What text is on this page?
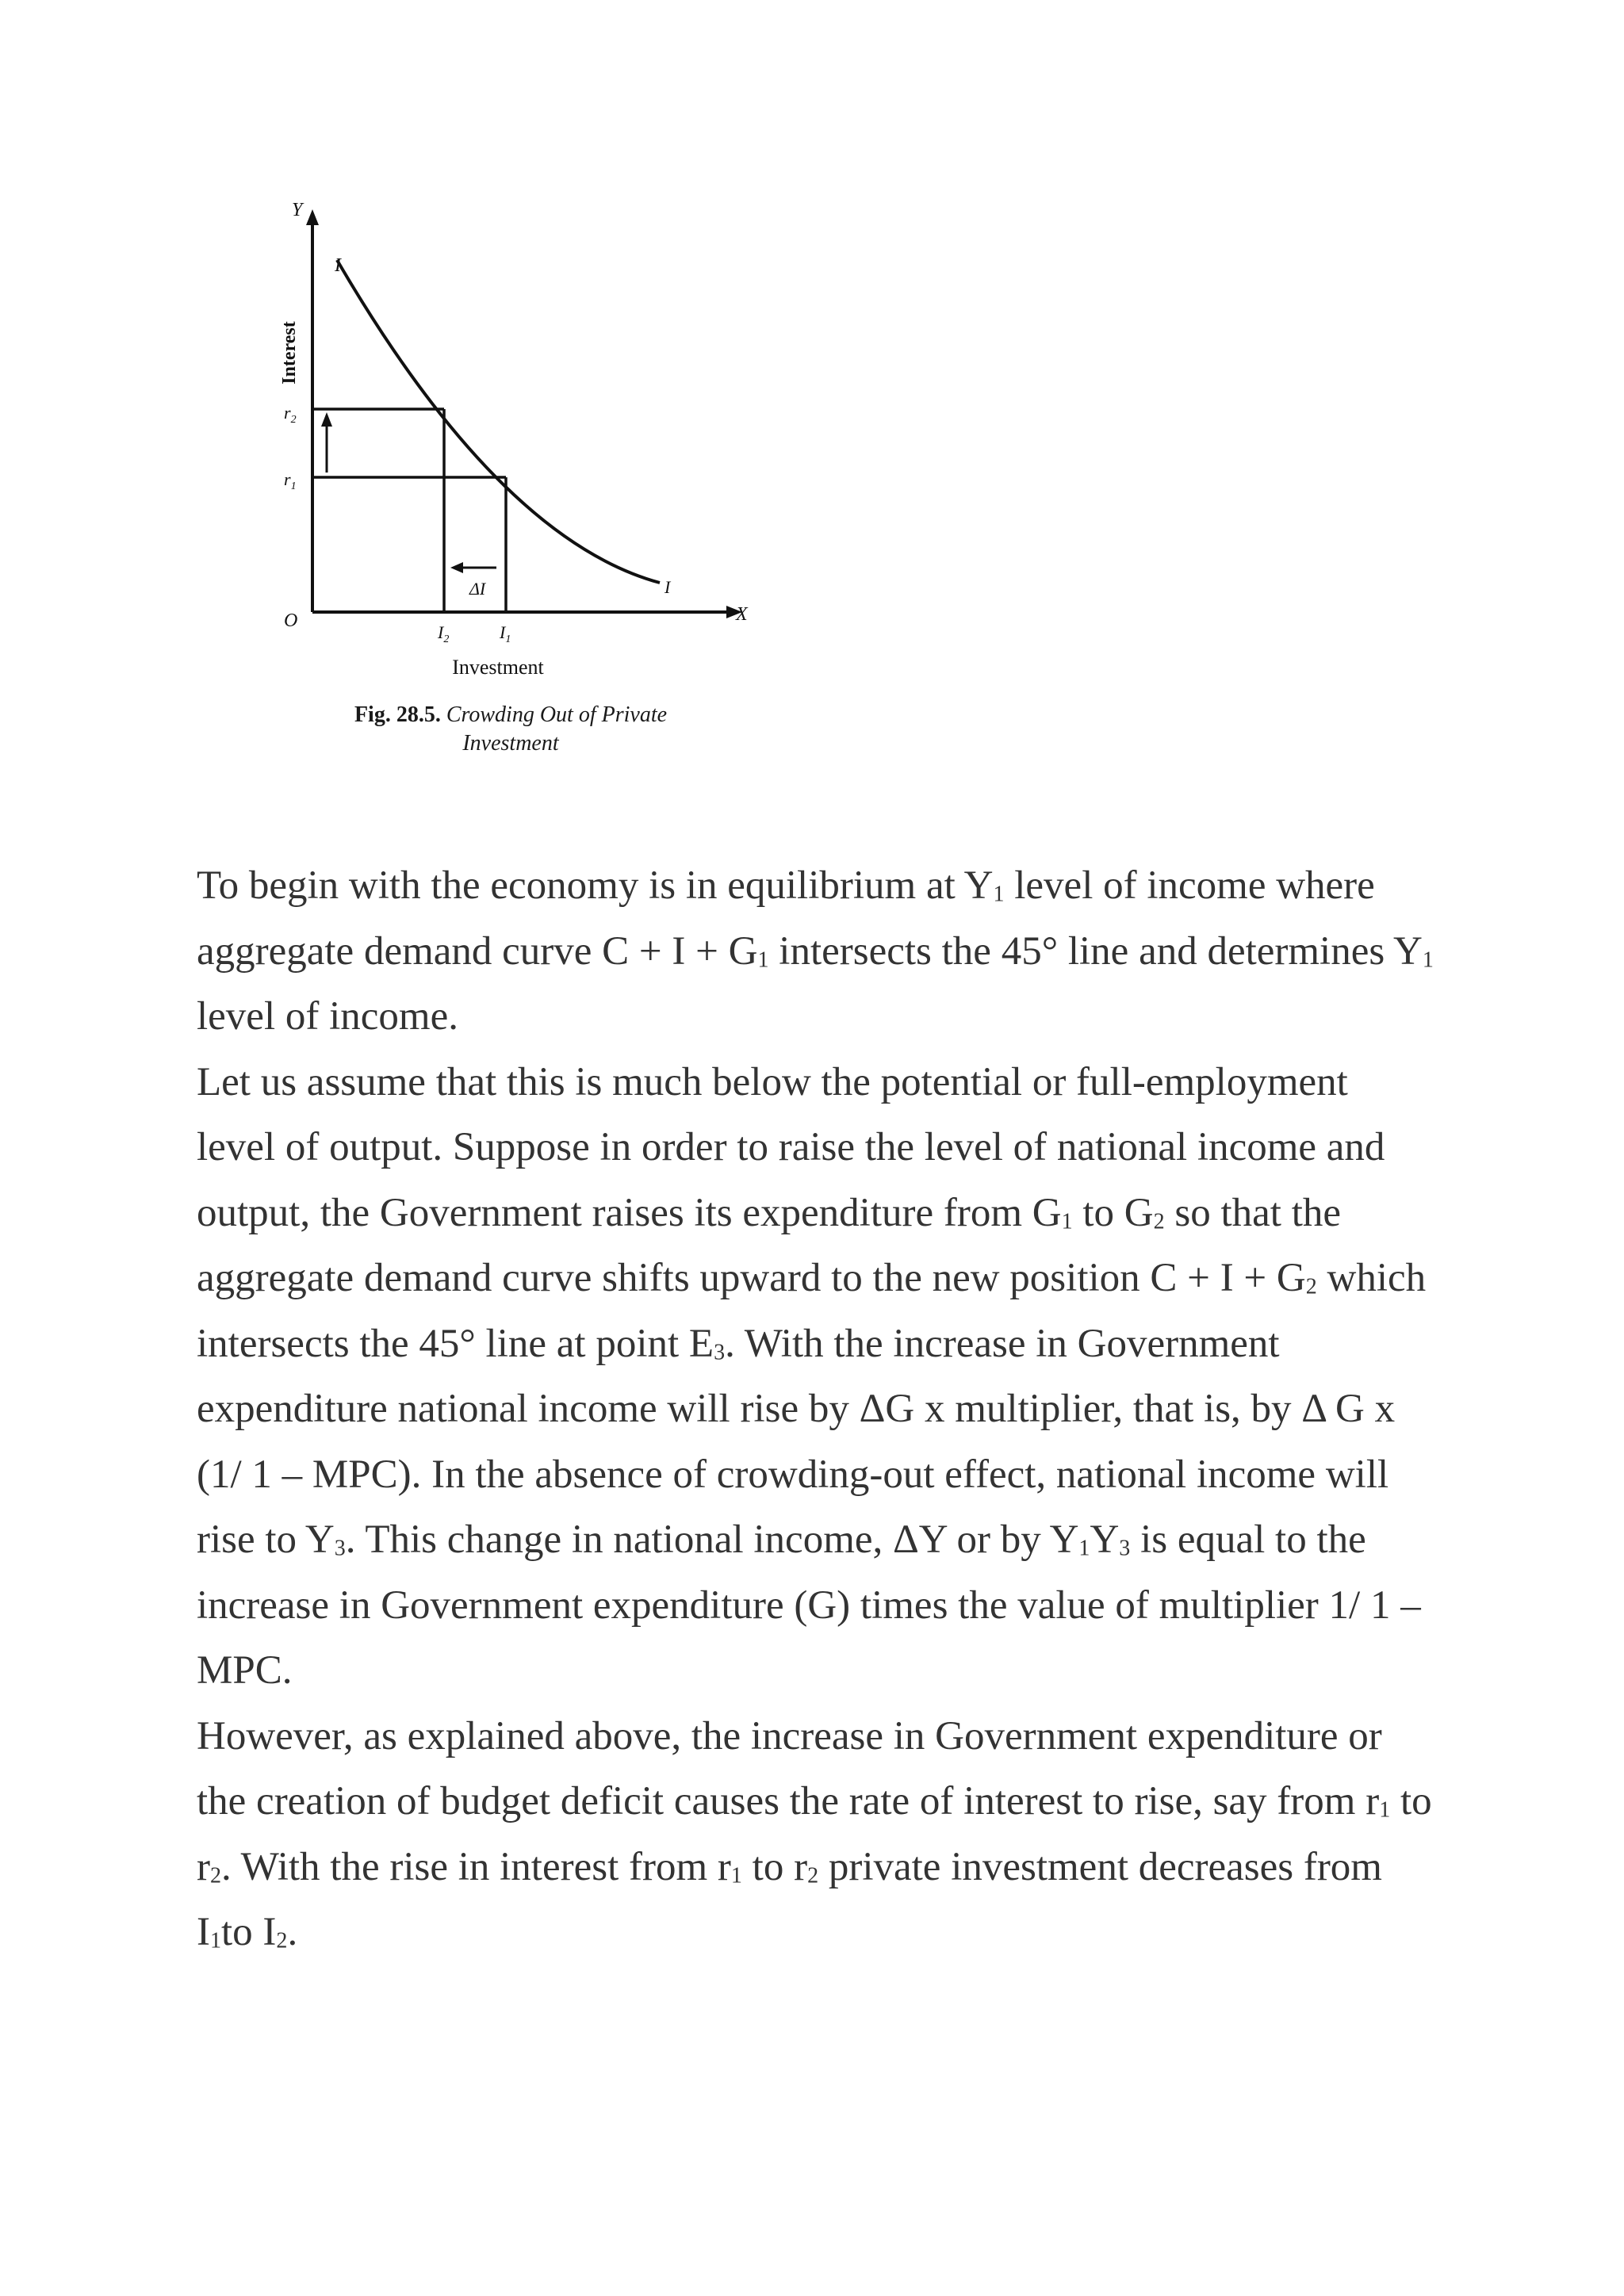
Y
X
O
Interest
Investment
I
I
$r_2$
$r_1$
$I_2$	$I_1$
ΔI
Fig. 28.5. Crowding Out of Private
Investment

To begin with the economy is in equilibrium at $Y_1$ level of income where aggregate demand curve $C + I + G_1$ intersects the 45° line and determines $Y_1$ level of income.

Let us assume that this is much below the potential or full-employment level of output. Suppose in order to raise the level of national income and output, the Government raises its expenditure from $G_1$ to $G_2$ so that the aggregate demand curve shifts upward to the new position $C + I + G_2$ which intersects the 45° line at point $E_3$. With the increase in Government expenditure national income will rise by ΔG x multiplier, that is, by Δ G x (1/ 1 – MPC). In the absence of crowding-out effect, national income will rise to $Y_3$. This change in national income, ΔY or by $Y_1Y_3$ is equal to the increase in Government expenditure (G) times the value of multiplier 1/ 1 – MPC.

However, as explained above, the increase in Government expenditure or the creation of budget deficit causes the rate of interest to rise, say from $r_1$ to $r_2$. With the rise in interest from $r_1$ to $r_2$ private investment decreases from $I_1to$ $I_2$.
